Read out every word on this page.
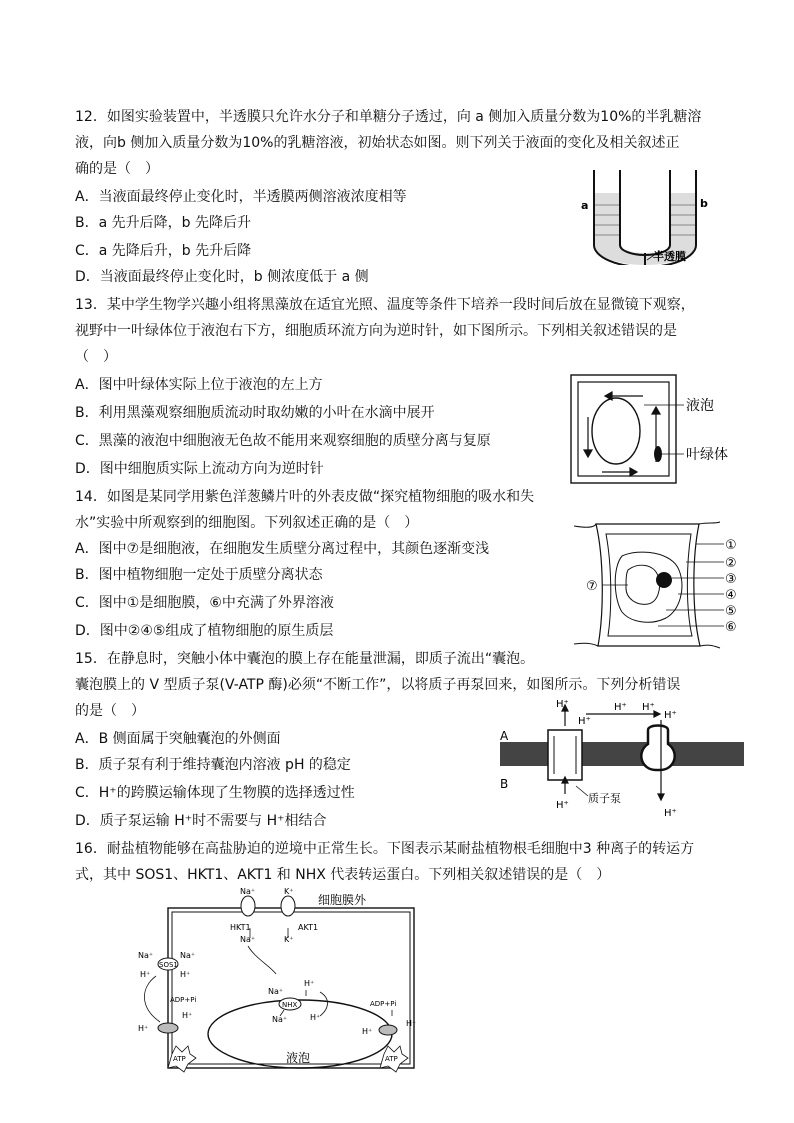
12．如图实验装置中，半透膜只允许水分子和单糖分子透过，向 a 侧加入质量分数为10%的半乳糖溶
液，向b 侧加入质量分数为10%的乳糖溶液，初始状态如图。则下列关于液面的变化及相关叙述正
确的是（　）
A．当液面最终停止变化时，半透膜两侧溶液浓度相等
B．a 先升后降，b 先降后升
C．a 先降后升，b 先升后降
D．当液面最终停止变化时，b 侧浓度低于 a 侧
a	b
半透膜
13．某中学生物学兴趣小组将黑藻放在适宜光照、温度等条件下培养一段时间后放在显微镜下观察，
视野中一叶绿体位于液泡右下方，细胞质环流方向为逆时针，如下图所示。下列相关叙述错误的是
（　）
A．图中叶绿体实际上位于液泡的左上方
B．利用黑藻观察细胞质流动时取幼嫩的小叶在水滴中展开
C．黑藻的液泡中细胞液无色故不能用来观察细胞的质壁分离与复原
D．图中细胞质实际上流动方向为逆时针
液泡
叶绿体
14．如图是某同学用紫色洋葱鳞片叶的外表皮做“探究植物细胞的吸水和失
水”实验中所观察到的细胞图。下列叙述正确的是（　）
A．图中⑦是细胞液，在细胞发生质壁分离过程中，其颜色逐渐变浅
B．图中植物细胞一定处于质壁分离状态
C．图中①是细胞膜，⑥中充满了外界溶液
D．图中②④⑤组成了植物细胞的原生质层
①
②
③
④
⑤
⑥
⑦
15．在静息时，突触小体中囊泡的膜上存在能量泄漏，即质子流出“囊泡。
囊泡膜上的 V 型质子泵(V-ATP 酶)必须“不断工作”，以将质子再泵回来，如图所示。下列分析错误
的是（　）
A．B 侧面属于突触囊泡的外侧面
B．质子泵有利于维持囊泡内溶液 pH 的稳定
C．H⁺的跨膜运输体现了生物膜的选择透过性
D．质子泵运输 H⁺时不需要与 H⁺相结合
A
B
H⁺
H⁺
H⁺ H⁺
H⁺
H⁺
H⁺
质子泵
16．耐盐植物能够在高盐胁迫的逆境中正常生长。下图表示某耐盐植物根毛细胞中3 种离子的转运方
式，其中 SOS1、HKT1、AKT1 和 NHX 代表转运蛋白。下列相关叙述错误的是（　）
细胞膜外
Na⁺	K⁺
HKT1	AKT1
Na⁺	K⁺
SOS1
Na⁺
H⁺
Na⁺
H⁺
ADP+Pi
H⁺
H⁺
ATP	液泡
NHX
Na⁺
H⁺
Na⁺	H⁺
ADP+Pi
H⁺
H⁺
ATP
